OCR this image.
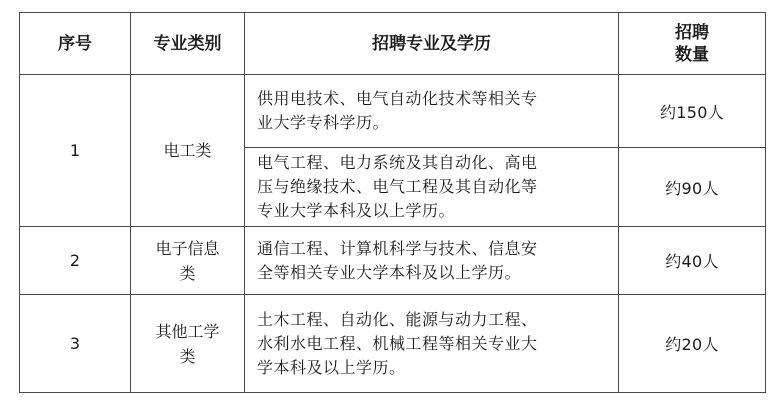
序号	专业类别	招聘专业及学历	招聘
数量

1	电工类	供用电技术、电气自动化技术等相关专
业大学专科学历。	约150人

		电气工程、电力系统及其自动化、高电
压与绝缘技术、电气工程及其自动化等
专业大学本科及以上学历。	约90人
2	电子信息
类	通信工程、计算机科学与技术、信息安
全等相关专业大学本科及以上学历。	约40人
3	其他工学
类	土木工程、自动化、能源与动力工程、
水利水电工程、机械工程等相关专业大
学本科及以上学历。	约20人
